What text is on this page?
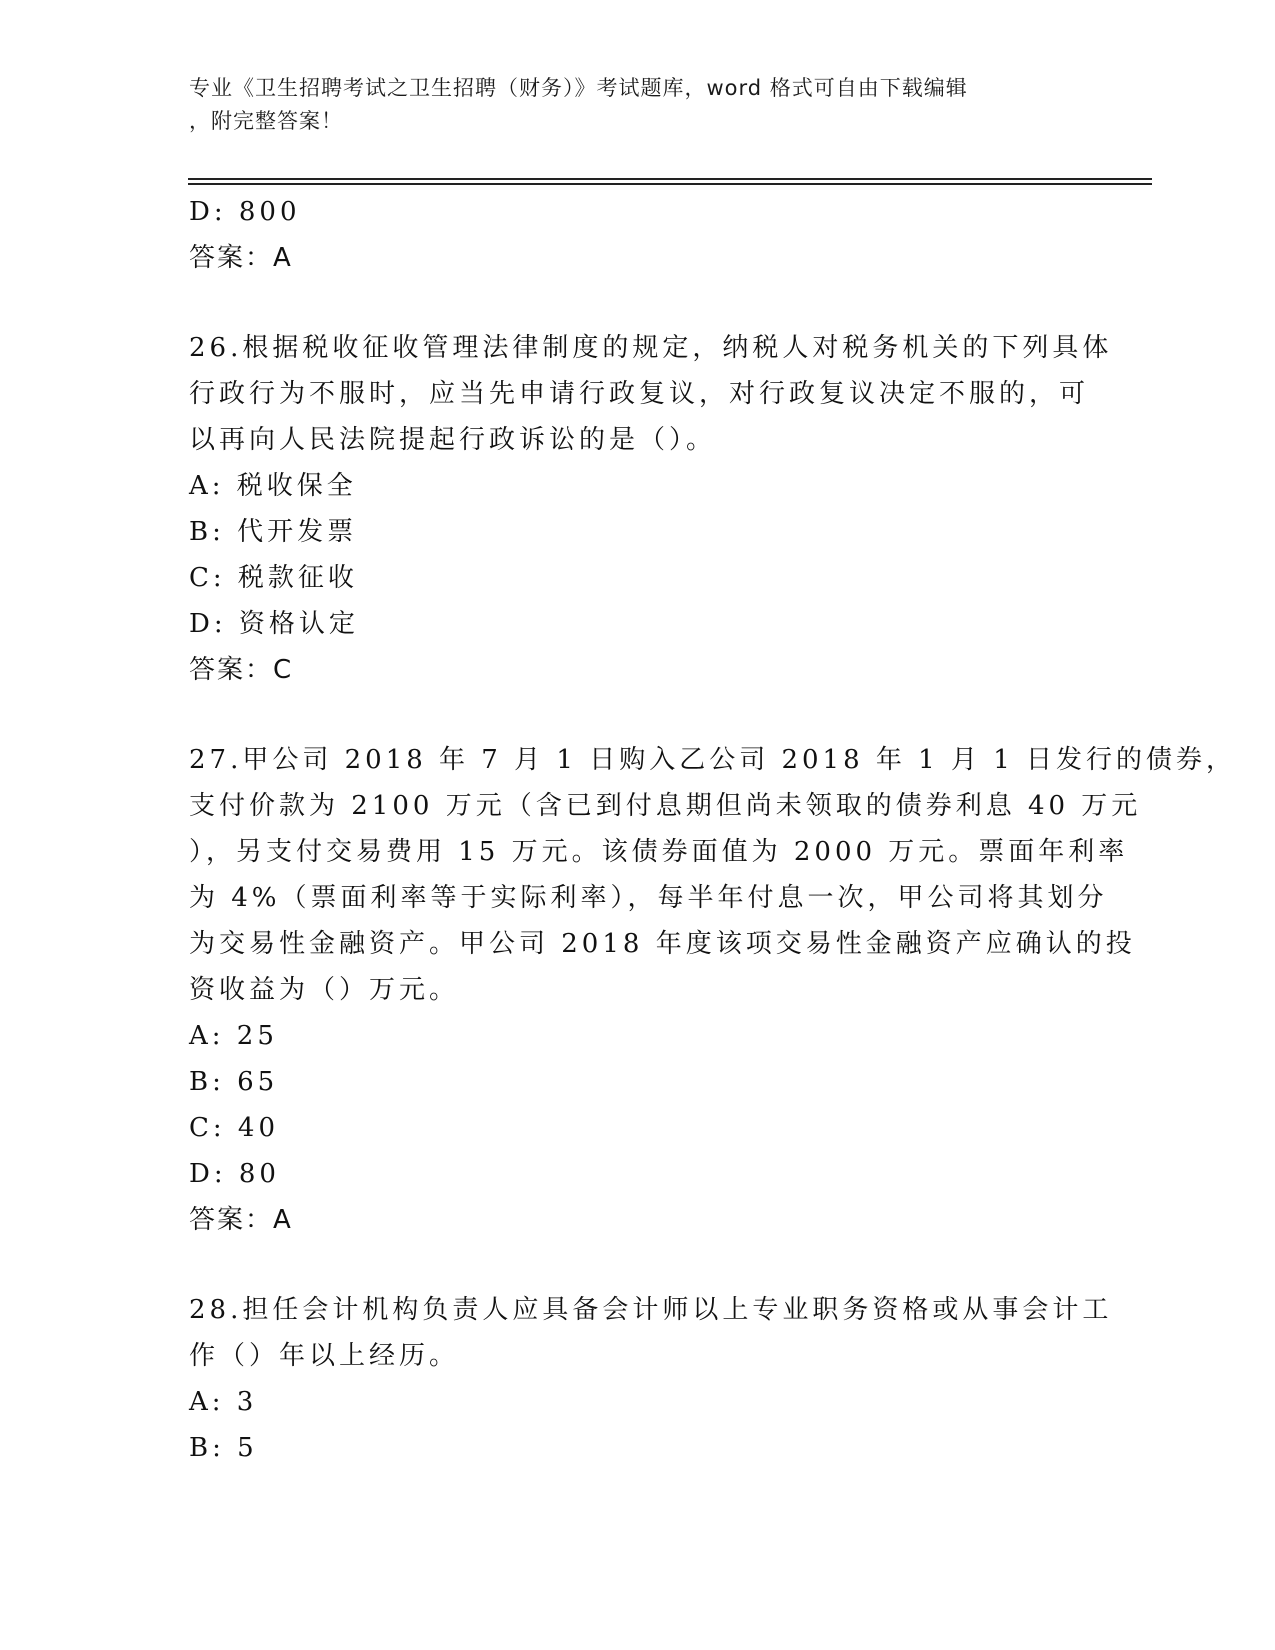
专业《卫生招聘考试之卫生招聘（财务）》考试题库，word 格式可自由下载编辑
，附完整答案！
D: 800
答案：A
26.根据税收征收管理法律制度的规定，纳税人对税务机关的下列具体
行政行为不服时，应当先申请行政复议，对行政复议决定不服的，可
以再向人民法院提起行政诉讼的是（）。
A: 税收保全
B: 代开发票
C: 税款征收
D: 资格认定
答案：C
27.甲公司 2018 年 7 月 1 日购入乙公司 2018 年 1 月 1 日发行的债券，
支付价款为 2100 万元（含已到付息期但尚未领取的债券利息 40 万元
），另支付交易费用 15 万元。该债券面值为 2000 万元。票面年利率
为 4%（票面利率等于实际利率），每半年付息一次，甲公司将其划分
为交易性金融资产。甲公司 2018 年度该项交易性金融资产应确认的投
资收益为（）万元。
A: 25
B: 65
C: 40
D: 80
答案：A
28.担任会计机构负责人应具备会计师以上专业职务资格或从事会计工
作（）年以上经历。
A: 3
B: 5
